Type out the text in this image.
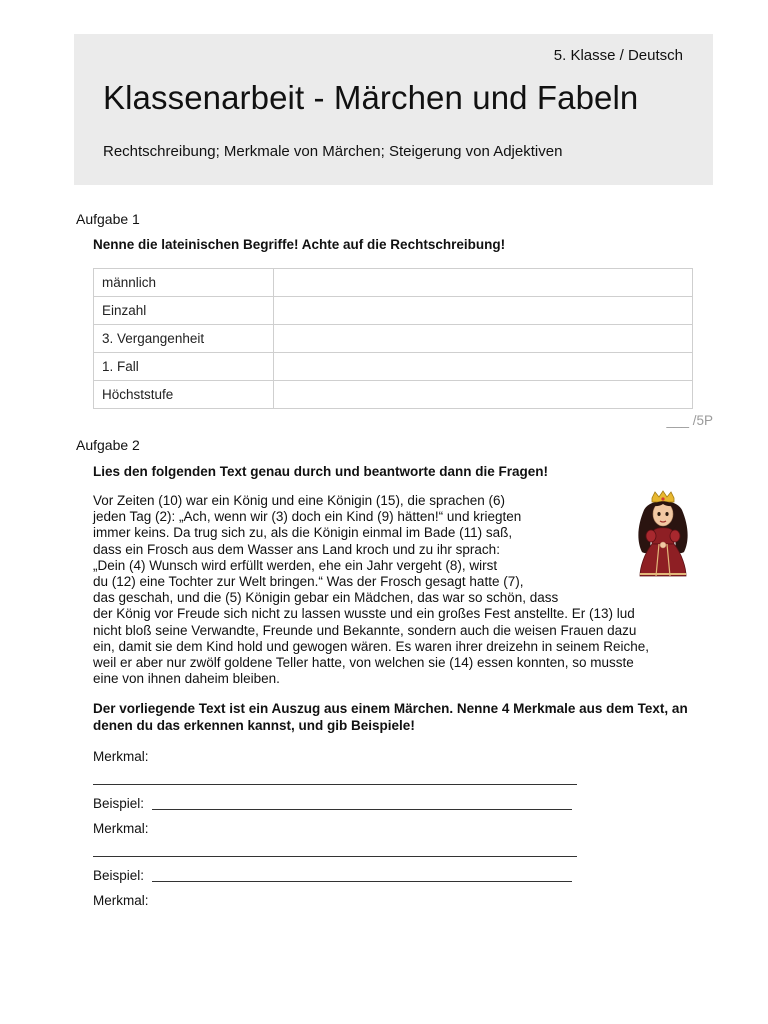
5. Klasse / Deutsch
Klassenarbeit - Märchen und Fabeln
Rechtschreibung; Merkmale von Märchen; Steigerung von Adjektiven
Aufgabe 1
Nenne die lateinischen Begriffe! Achte auf die Rechtschreibung!
männlich	
Einzahl	
3. Vergangenheit	
1. Fall	
Höchststufe	
___ /5P
Aufgabe 2
Lies den folgenden Text genau durch und beantworte dann die Fragen!
Vor Zeiten (10) war ein König und eine Königin (15), die sprachen (6)
jeden Tag (2): „Ach, wenn wir (3) doch ein Kind (9) hätten!“ und kriegten
immer keins. Da trug sich zu, als die Königin einmal im Bade (11) saß,
dass ein Frosch aus dem Wasser ans Land kroch und zu ihr sprach:
„Dein (4) Wunsch wird erfüllt werden, ehe ein Jahr vergeht (8), wirst
du (12) eine Tochter zur Welt bringen.“ Was der Frosch gesagt hatte (7),
das geschah, und die (5) Königin gebar ein Mädchen, das war so schön, dass
der König vor Freude sich nicht zu lassen wusste und ein großes Fest anstellte. Er (13) lud
nicht bloß seine Verwandte, Freunde und Bekannte, sondern auch die weisen Frauen dazu
ein, damit sie dem Kind hold und gewogen wären. Es waren ihrer dreizehn in seinem Reiche,
weil er aber nur zwölf goldene Teller hatte, von welchen sie (14) essen konnten, so musste
eine von ihnen daheim bleiben.
Der vorliegende Text ist ein Auszug aus einem Märchen. Nenne 4 Merkmale aus dem Text, an denen du das erkennen kannst, und gib Beispiele!
Merkmal:
Beispiel:
Merkmal:
Beispiel:
Merkmal:
